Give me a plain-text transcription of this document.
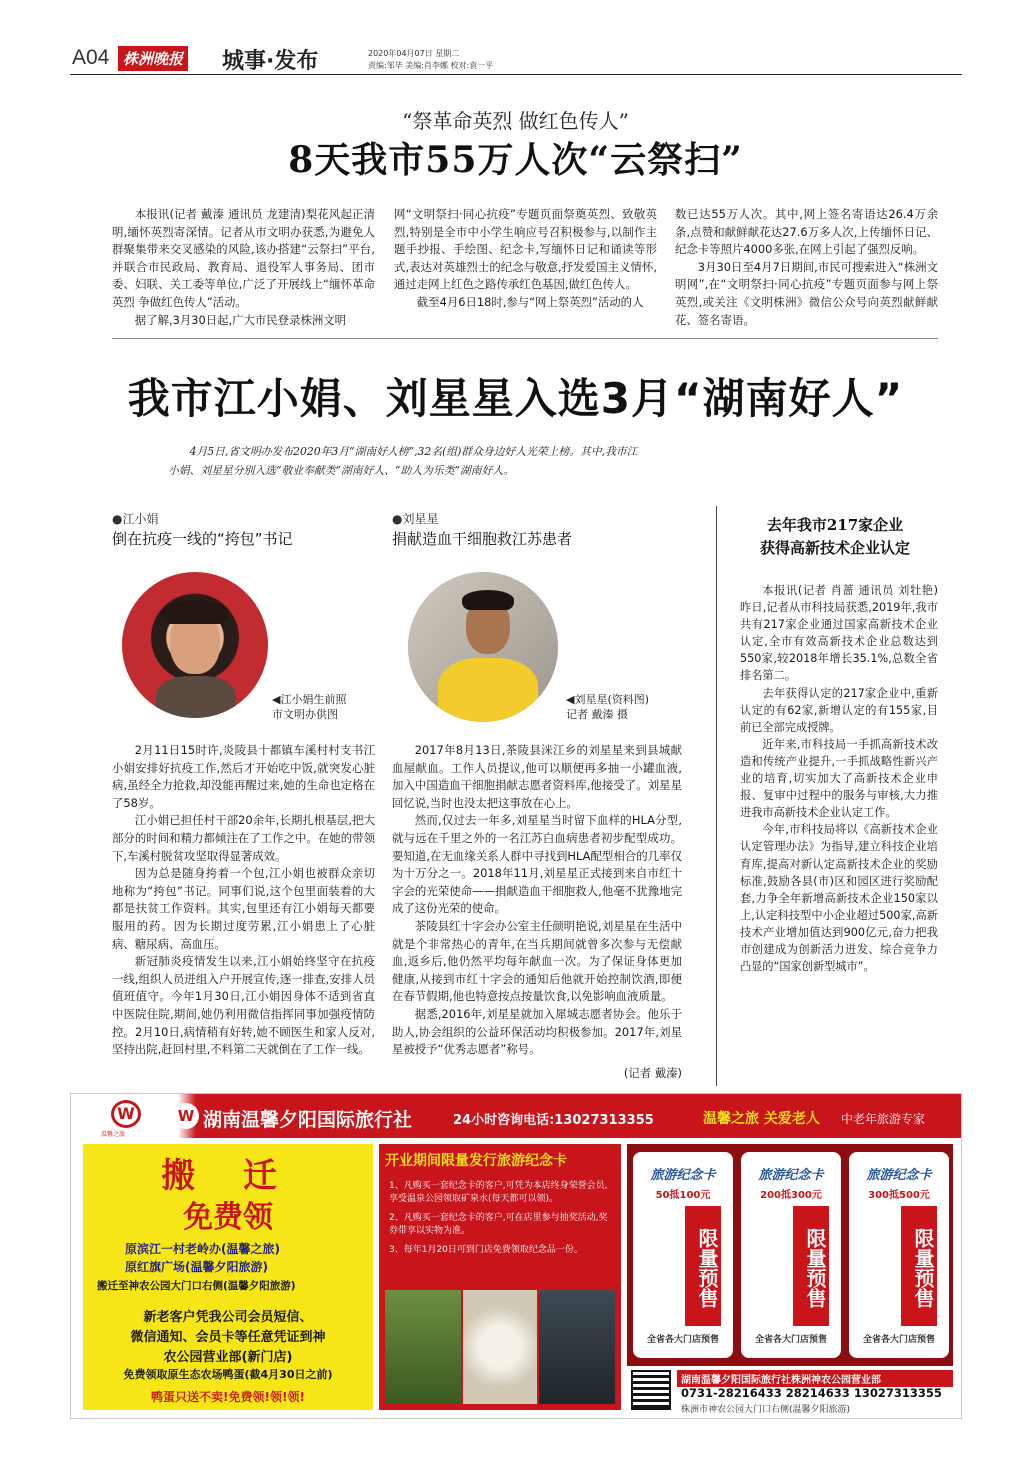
A04 株洲晚报 城事·发布	2020年04月07日 星期二
责编:邹毕 美编:肖李娜 校对:袁一平
“祭革命英烈 做红色传人”
8天我市55万人次“云祭扫”

本报讯(记者 戴溱 通讯员 龙建清)梨花风起正清明,缅怀英烈寄深情。记者从市文明办获悉,为避免人群聚集带来交叉感染的风险,该办搭建“云祭扫”平台,并联合市民政局、教育局、退役军人事务局、团市委、妇联、关工委等单位,广泛了开展线上“缅怀革命英烈 争做红色传人”活动。

据了解,3月30日起,广大市民登录株洲文明

网“文明祭扫·同心抗疫”专题页面祭奠英烈、致敬英烈,特别是全市中小学生响应号召积极参与,以制作主题手抄报、手绘图、纪念卡,写缅怀日记和诵读等形式,表达对英雄烈士的纪念与敬意,抒发爱国主义情怀,通过走网上红色之路传承红色基因,做红色传人。

截至4月6日18时,参与“网上祭英烈”活动的人

数已达55万人次。其中,网上签名寄语达26.4万余条,点赞和献鲜献花达27.6万多人次,上传缅怀日记、纪念卡等照片4000多张,在网上引起了强烈反响。

3月30日至4月7日期间,市民可搜索进入“株洲文明网”,在“文明祭扫·同心抗疫”专题页面参与网上祭英烈,或关注《文明株洲》微信公众号向英烈献鲜献花、签名寄语。

我市江小娟、刘星星入选3月“湖南好人”
4月5日,省文明办发布2020年3月“湖南好人榜”,32名(组)群众身边好人光荣上榜。其中,我市江小娟、刘星星分别入选“敬业奉献类”湖南好人、“助人为乐类”湖南好人。
●江小娟
倒在抗疫一线的“挎包”书记
◀江小娟生前照
市文明办供图

2月11日15时许,炎陵县十都镇车溪村村支书江小娟安排好抗疫工作,然后才开始吃中饭,就突发心脏病,虽经全力抢救,却没能再醒过来,她的生命也定格在了58岁。

江小娟已担任村干部20余年,长期扎根基层,把大部分的时间和精力都倾注在了工作之中。在她的带领下,车溪村脱贫攻坚取得显著成效。

因为总是随身挎着一个包,江小娟也被群众亲切地称为“挎包”书记。同事们说,这个包里面装着的大都是扶贫工作资料。其实,包里还有江小娟每天都要服用的药。因为长期过度劳累,江小娟患上了心脏病、糖尿病、高血压。

新冠肺炎疫情发生以来,江小娟始终坚守在抗疫一线,组织人员进组入户开展宣传,逐一排查,安排人员值班值守。今年1月30日,江小娟因身体不适到省直中医院住院,期间,她仍利用微信指挥同事加强疫情防控。2月10日,病情稍有好转,她不顾医生和家人反对,坚持出院,赶回村里,不料第二天就倒在了工作一线。

●刘星星
捐献造血干细胞救江苏患者
◀刘星星(资料图)
记者 戴溱 摄

2017年8月13日,茶陵县洣江乡的刘星星来到县城献血屋献血。工作人员提议,他可以顺便再多抽一小罐血液,加入中国造血干细胞捐献志愿者资料库,他接受了。刘星星回忆说,当时也没太把这事放在心上。

然而,仅过去一年多,刘星星当时留下血样的HLA分型,就与远在千里之外的一名江苏白血病患者初步配型成功。要知道,在无血缘关系人群中寻找到HLA配型相合的几率仅为十万分之一。2018年11月,刘星星正式接到来自市红十字会的光荣使命——捐献造血干细胞救人,他毫不犹豫地完成了这份光荣的使命。

茶陵县红十字会办公室主任颜明艳说,刘星星在生活中就是个非常热心的青年,在当兵期间就曾多次参与无偿献血,返乡后,他仍然平均每年献血一次。为了保证身体更加健康,从接到市红十字会的通知后他就开始控制饮酒,即便在春节假期,他也特意按点按量饮食,以免影响血液质量。

据悉,2016年,刘星星就加入犀城志愿者协会。他乐于助人,协会组织的公益环保活动均积极参加。2017年,刘星星被授予“优秀志愿者”称号。

(记者 戴溱)
去年我市217家企业
获得高新技术企业认定

本报讯(记者 肖蔷 通讯员 刘牡艳)昨日,记者从市科技局获悉,2019年,我市共有217家企业通过国家高新技术企业认定,全市有效高新技术企业总数达到550家,较2018年增长35.1%,总数全省排名第二。

去年获得认定的217家企业中,重新认定的有62家,新增认定的有155家,目前已全部完成授牌。

近年来,市科技局一手抓高新技术改造和传统产业提升,一手抓战略性新兴产业的培育,切实加大了高新技术企业申报、复审中过程中的服务与审核,大力推进我市高新技术企业认定工作。

今年,市科技局将以《高新技术企业认定管理办法》为指导,建立科技企业培育库,提高对新认定高新技术企业的奖励标准,鼓励各县(市)区和园区进行奖励配套,力争全年新增高新技术企业150家以上,认定科技型中小企业超过500家,高新技术产业增加值达到900亿元,奋力把我市创建成为创新活力迸发、综合竞争力凸显的“国家创新型城市”。

W
温馨之旅
W 湖南温馨夕阳国际旅行社	24小时咨询电话:13027313355	温馨之旅 关爱老人 中老年旅游专家
搬 迁
免费领
原滨江一村老岭办(温馨之旅)
原红旗广场(温馨夕阳旅游)
搬迁至神农公园大门口右侧(温馨夕阳旅游)
新老客户凭我公司会员短信、
微信通知、会员卡等任意凭证到神
农公园营业部(新门店)
免费领取原生态农场鸭蛋(截4月30日之前)
鸭蛋只送不卖!免费领!领!领!
开业期间限量发行旅游纪念卡
1、凡购买一套纪念卡的客户,可凭为本店终身荣誉会员,享受温泉公园领取矿泉水(每天都可以领)。
2、凡购买一套纪念卡的客户,可在店里参与抽奖活动,奖券带享以实物为准。
3、每年1月20日可到门店免费领取纪念品一份。
旅游纪念卡
50抵100元
限量预售
全省各大门店预售
旅游纪念卡
200抵300元
限量预售
全省各大门店预售
旅游纪念卡
300抵500元
限量预售
全省各大门店预售
湖南温馨夕阳国际旅行社株洲神农公园营业部
0731-28216433 28214633 13027313355
株洲市神农公园大门口右侧(温馨夕阳旅游)
